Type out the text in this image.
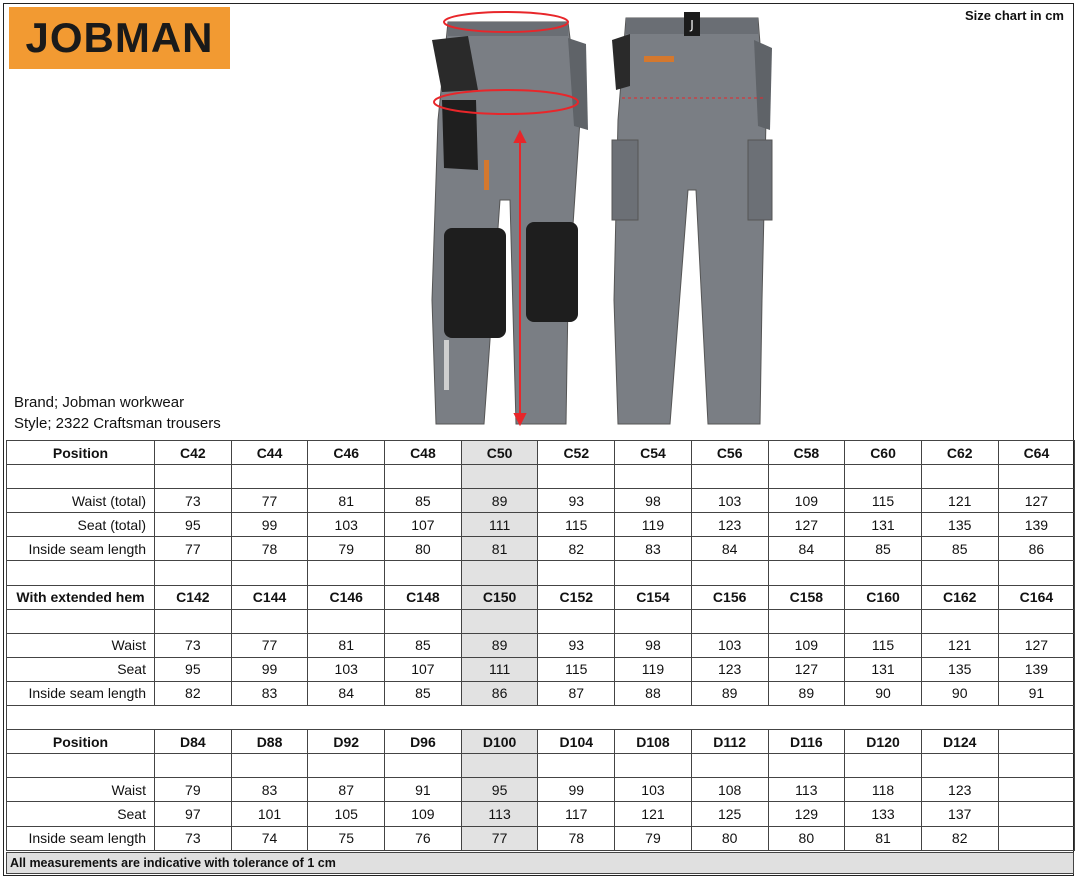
JOBMAN	Size chart in cm
J
Brand; Jobman workwear
Style; 2322 Craftsman trousers
Position	C42	C44	C46	C48	C50	C52	C54	C56	C58	C60	C62	C64

Waist (total)	73	77	81	85	89	93	98	103	109	115	121	127
Seat (total)	95	99	103	107	111	115	119	123	127	131	135	139
Inside seam length	77	78	79	80	81	82	83	84	84	85	85	86

With extended hem	C142	C144	C146	C148	C150	C152	C154	C156	C158	C160	C162	C164

Waist	73	77	81	85	89	93	98	103	109	115	121	127
Seat	95	99	103	107	111	115	119	123	127	131	135	139
Inside seam length	82	83	84	85	86	87	88	89	89	90	90	91

Position	D84	D88	D92	D96	D100	D104	D108	D112	D116	D120	D124	

Waist	79	83	87	91	95	99	103	108	113	118	123	
Seat	97	101	105	109	113	117	121	125	129	133	137	
Inside seam length	73	74	75	76	77	78	79	80	80	81	82	
All measurements are indicative with tolerance of 1 cm
